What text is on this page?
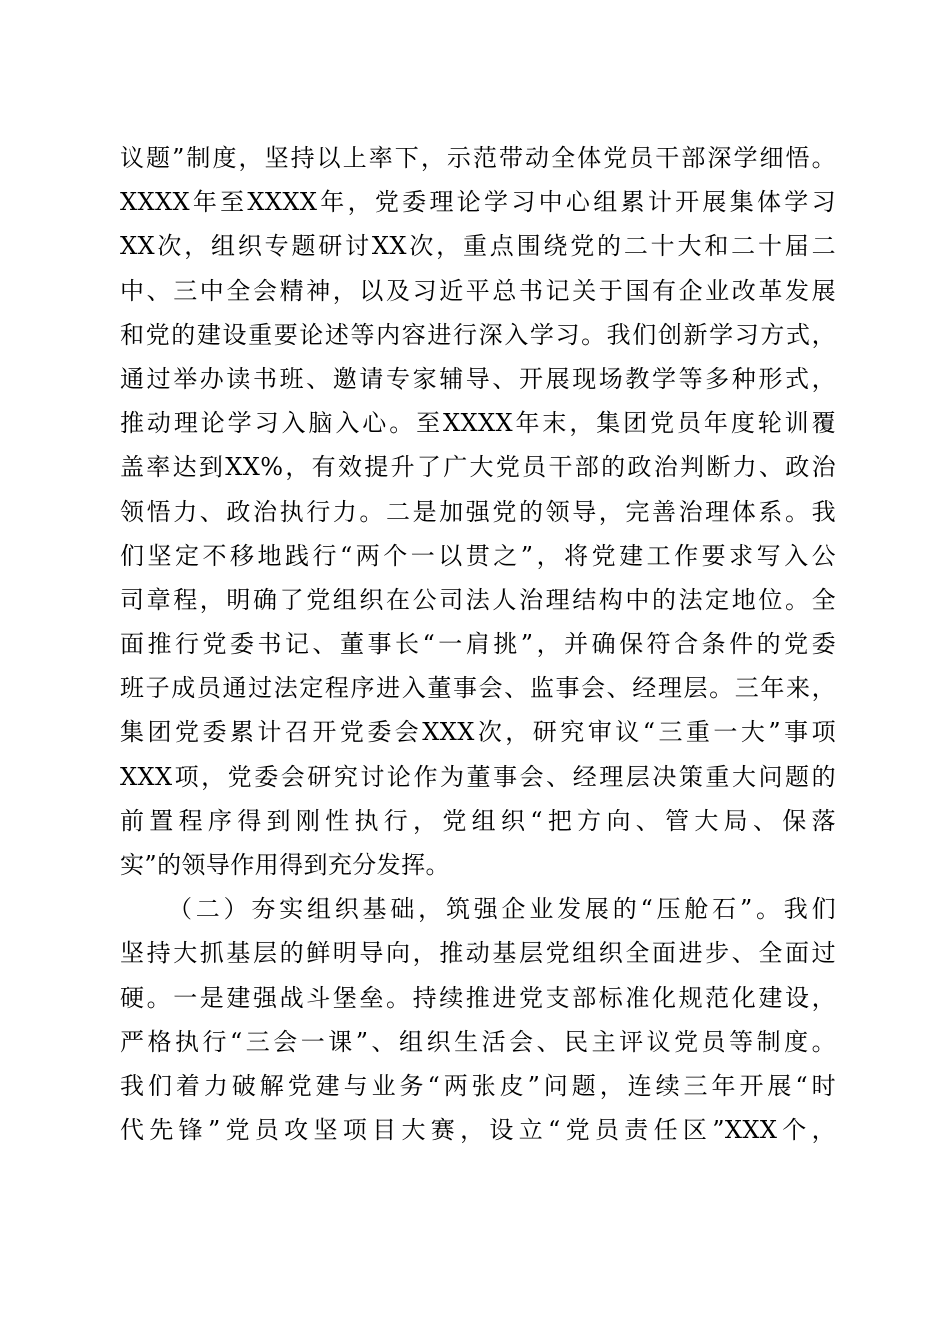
议题”制度，坚持以上率下，示范带动全体党员干部深学细悟。
XXXX年至XXXX年，党委理论学习中心组累计开展集体学习
XX次，组织专题研讨XX次，重点围绕党的二十大和二十届二
中、三中全会精神，以及习近平总书记关于国有企业改革发展
和党的建设重要论述等内容进行深入学习。我们创新学习方式，
通过举办读书班、邀请专家辅导、开展现场教学等多种形式，
推动理论学习入脑入心。至XXXX年末，集团党员年度轮训覆
盖率达到XX%，有效提升了广大党员干部的政治判断力、政治
领悟力、政治执行力。二是加强党的领导，完善治理体系。我
们坚定不移地践行“两个一以贯之”，将党建工作要求写入公
司章程，明确了党组织在公司法人治理结构中的法定地位。全
面推行党委书记、董事长“一肩挑”，并确保符合条件的党委
班子成员通过法定程序进入董事会、监事会、经理层。三年来，
集团党委累计召开党委会XXX次，研究审议“三重一大”事项
XXX项，党委会研究讨论作为董事会、经理层决策重大问题的
前置程序得到刚性执行，党组织“把方向、管大局、保落
实”的领导作用得到充分发挥。
（二）夯实组织基础，筑强企业发展的“压舱石”。我们
坚持大抓基层的鲜明导向，推动基层党组织全面进步、全面过
硬。一是建强战斗堡垒。持续推进党支部标准化规范化建设，
严格执行“三会一课”、组织生活会、民主评议党员等制度。
我们着力破解党建与业务“两张皮”问题，连续三年开展“时
代先锋”党员攻坚项目大赛，设立“党员责任区”XXX个，
